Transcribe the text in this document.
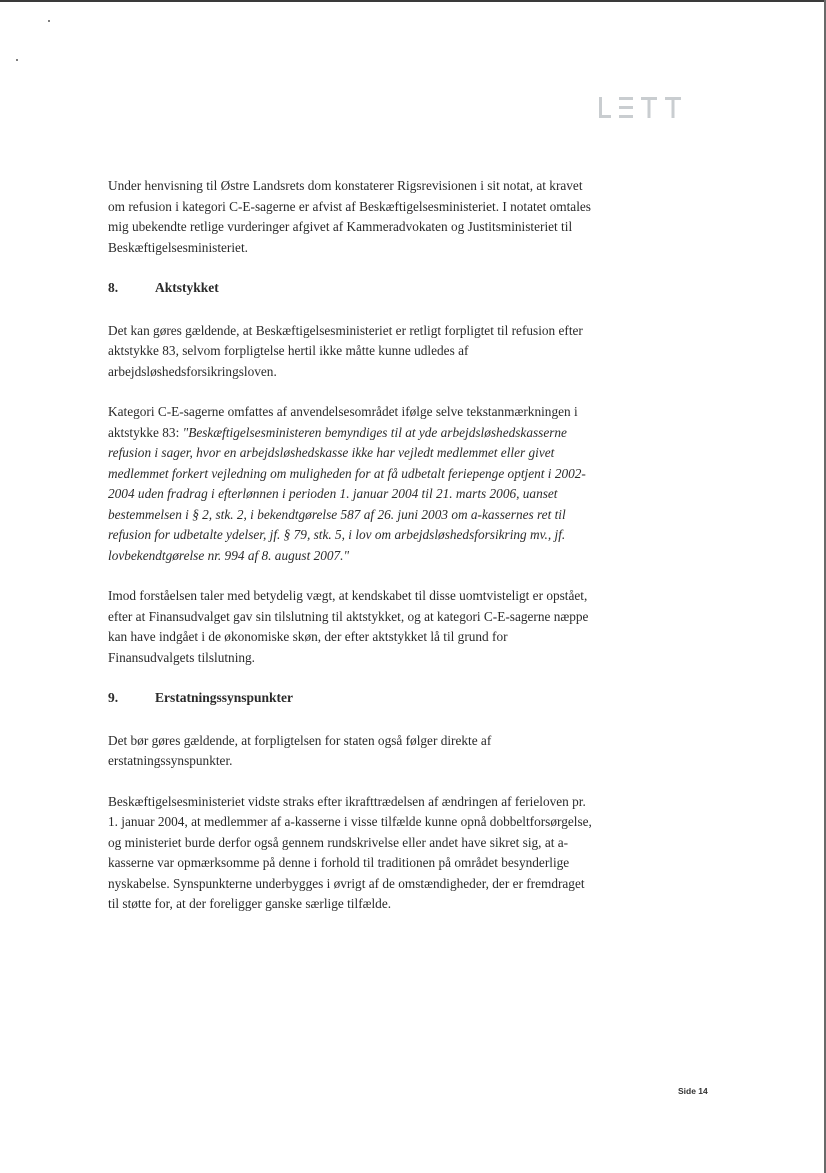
Under henvisning til Østre Landsrets dom konstaterer Rigsrevisionen i sit notat, at kravet om refusion i kategori C-E-sagerne er afvist af Beskæftigelsesministeriet. I notatet omtales mig ubekendte retlige vurderinger afgivet af Kammeradvokaten og Justitsministeriet til Beskæftigelsesministeriet.

8.	Aktstykket

Det kan gøres gældende, at Beskæftigelsesministeriet er retligt forpligtet til refusion efter aktstykke 83, selvom forpligtelse hertil ikke måtte kunne udledes af arbejdsløshedsforsikringsloven.

Kategori C-E-sagerne omfattes af anvendelsesområdet ifølge selve tekstanmærkningen i aktstykke 83: "Beskæftigelsesministeren bemyndiges til at yde arbejdsløshedskasserne refusion i sager, hvor en arbejdsløshedskasse ikke har vejledt medlemmet eller givet medlemmet forkert vejledning om muligheden for at få udbetalt feriepenge optjent i 2002-2004 uden fradrag i efterlønnen i perioden 1. januar 2004 til 21. marts 2006, uanset bestemmelsen i § 2, stk. 2, i bekendtgørelse 587 af 26. juni 2003 om a-kassernes ret til refusion for udbetalte ydelser, jf. § 79, stk. 5, i lov om arbejdsløshedsforsikring mv., jf. lovbekendtgørelse nr. 994 af 8. august 2007."

Imod forståelsen taler med betydelig vægt, at kendskabet til disse uomtvisteligt er opstået, efter at Finansudvalget gav sin tilslutning til aktstykket, og at kategori C-E-sagerne næppe kan have indgået i de økonomiske skøn, der efter aktstykket lå til grund for Finansudvalgets tilslutning.

9.	Erstatningssynspunkter

Det bør gøres gældende, at forpligtelsen for staten også følger direkte af erstatningssynspunkter.

Beskæftigelsesministeriet vidste straks efter ikrafttrædelsen af ændringen af ferieloven pr. 1. januar 2004, at medlemmer af a-kasserne i visse tilfælde kunne opnå dobbeltforsørgelse, og ministeriet burde derfor også gennem rundskrivelse eller andet have sikret sig, at a-kasserne var opmærksomme på denne i forhold til traditionen på området besynderlige nyskabelse. Synspunkterne underbygges i øvrigt af de omstændigheder, der er fremdraget til støtte for, at der foreligger ganske særlige tilfælde.

Side 14
